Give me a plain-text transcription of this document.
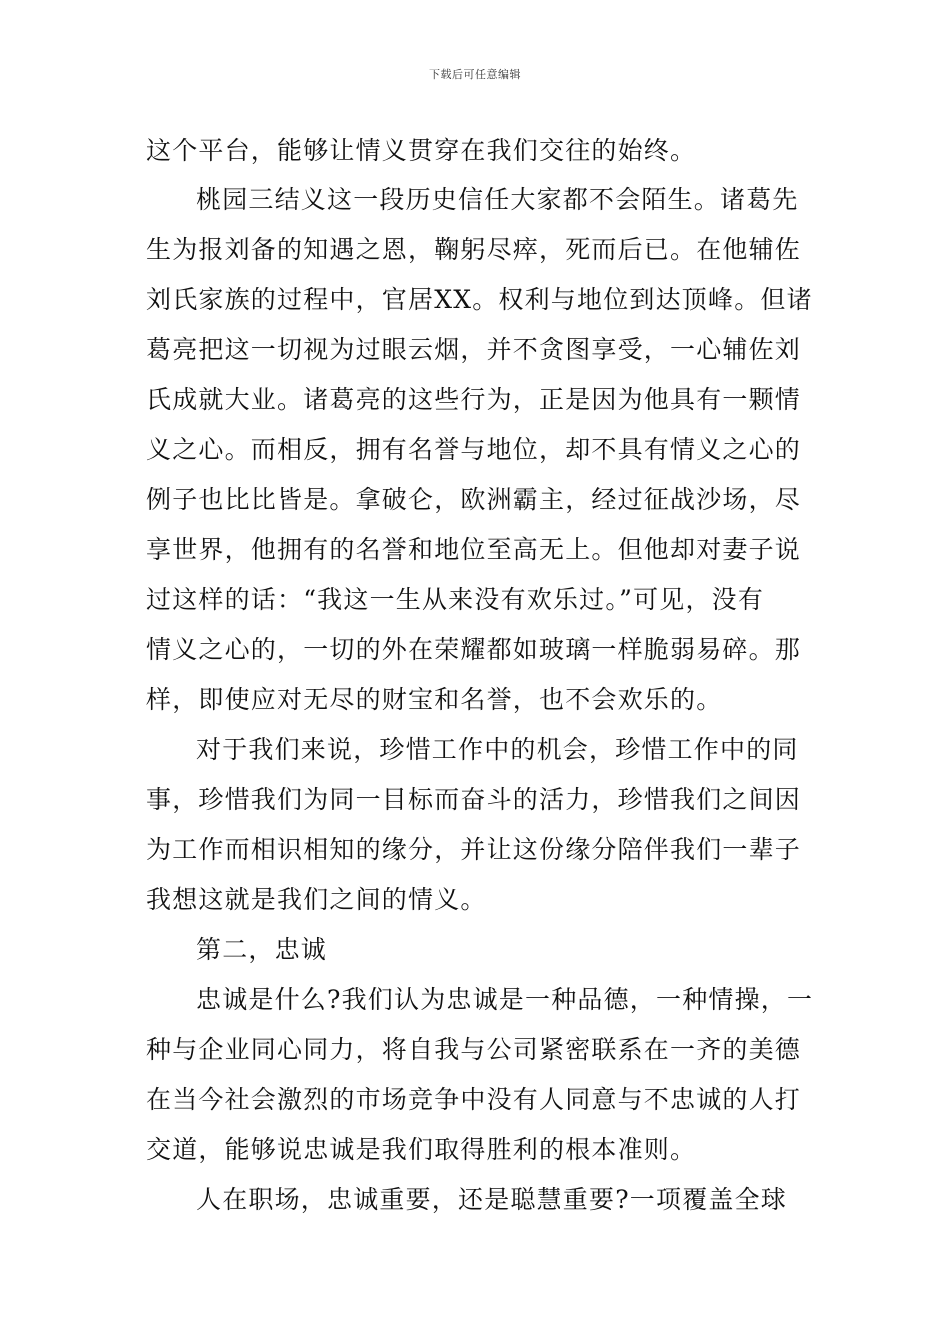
下载后可任意编辑
这个平台，能够让情义贯穿在我们交往的始终。
桃园三结义这一段历史信任大家都不会陌生。诸葛先
生为报刘备的知遇之恩，鞠躬尽瘁，死而后已。在他辅佐
刘氏家族的过程中，官居XX。权利与地位到达顶峰。但诸
葛亮把这一切视为过眼云烟，并不贪图享受，一心辅佐刘
氏成就大业。诸葛亮的这些行为，正是因为他具有一颗情
义之心。而相反，拥有名誉与地位，却不具有情义之心的
例子也比比皆是。拿破仑，欧洲霸主，经过征战沙场，尽
享世界，他拥有的名誉和地位至高无上。但他却对妻子说
过这样的话：“我这一生从来没有欢乐过。”可见，没有
情义之心的，一切的外在荣耀都如玻璃一样脆弱易碎。那
样，即使应对无尽的财宝和名誉，也不会欢乐的。
对于我们来说，珍惜工作中的机会，珍惜工作中的同
事，珍惜我们为同一目标而奋斗的活力，珍惜我们之间因
为工作而相识相知的缘分，并让这份缘分陪伴我们一辈子
我想这就是我们之间的情义。
第二，忠诚
忠诚是什么?我们认为忠诚是一种品德，一种情操，一
种与企业同心同力，将自我与公司紧密联系在一齐的美德
在当今社会激烈的市场竞争中没有人同意与不忠诚的人打
交道，能够说忠诚是我们取得胜利的根本准则。
人在职场，忠诚重要，还是聪慧重要?一项覆盖全球
